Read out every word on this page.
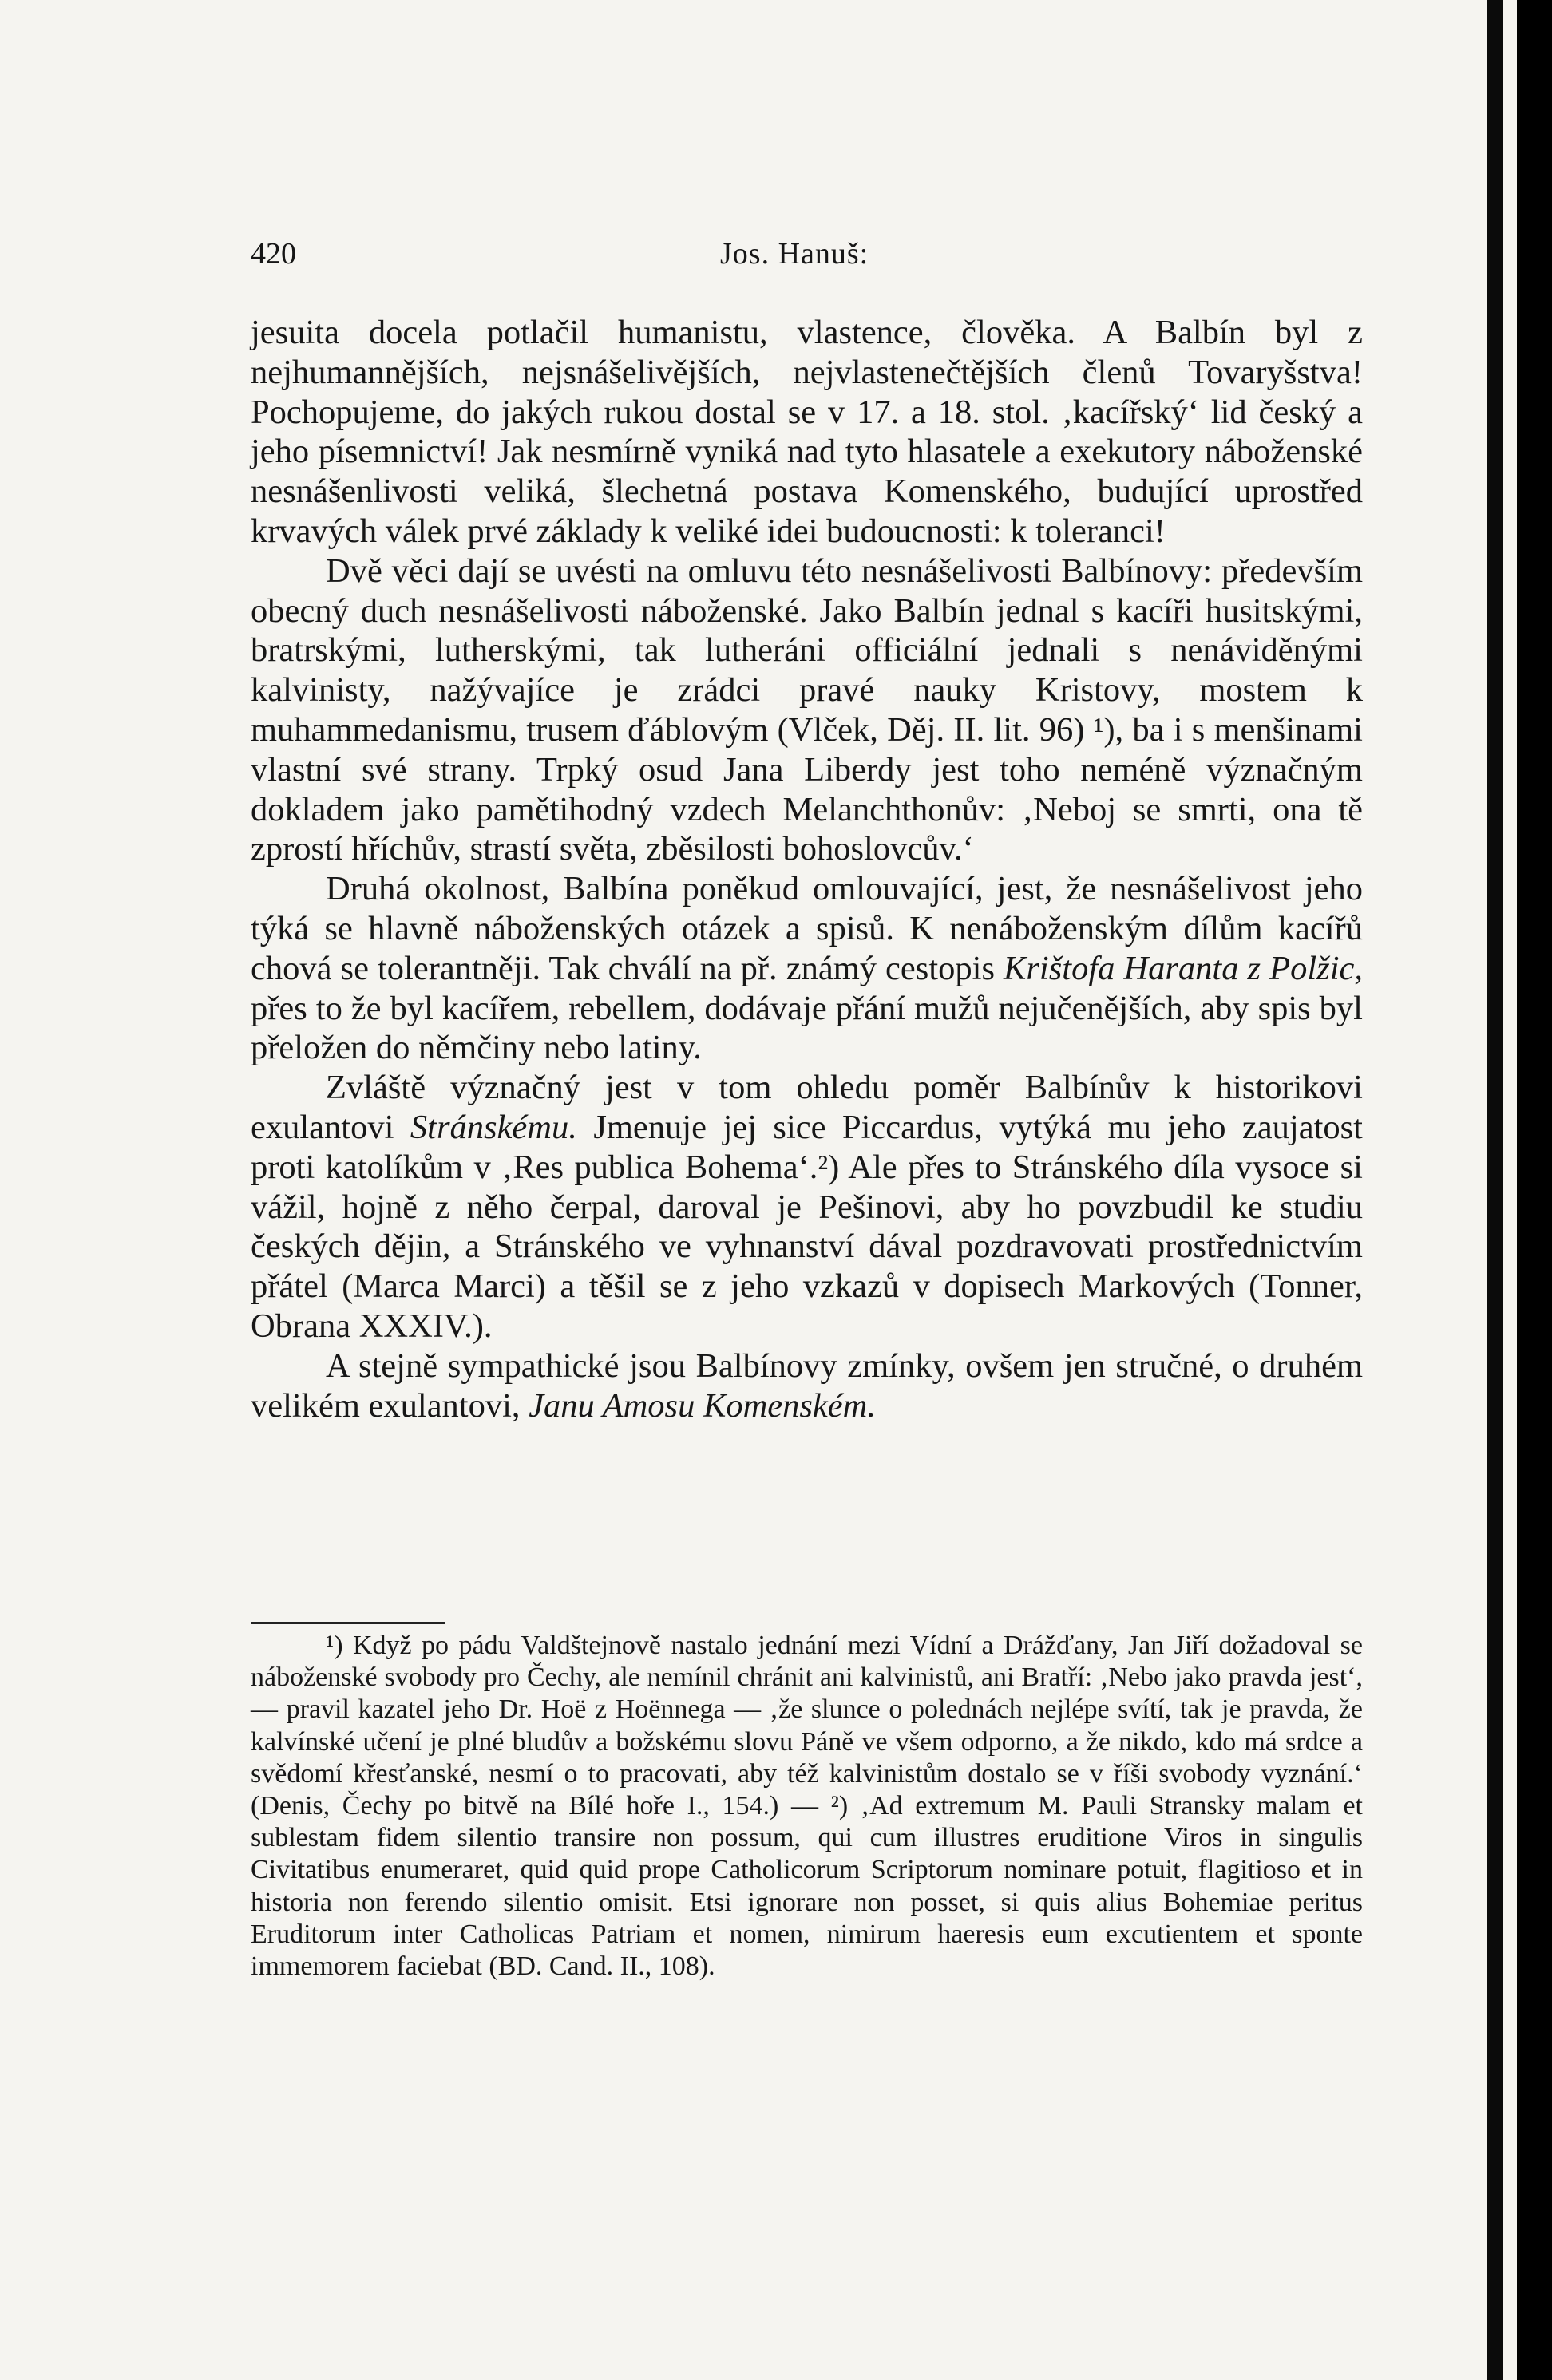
420	Jos. Hanuš:

jesuita docela potlačil humanistu, vlastence, člověka. A Balbín byl z nejhumannějších, nejsnášelivějších, nejvlastenečtějších členů Tovaryšstva! Pochopujeme, do jakých rukou dostal se v 17. a 18. stol. ‚kacířský‘ lid český a jeho písemnictví! Jak nesmírně vyniká nad tyto hlasatele a exekutory náboženské nesnášenlivosti veliká, šlechetná postava Komenského, budující uprostřed krvavých válek prvé základy k veliké idei budoucnosti: k toleranci!

Dvě věci dají se uvésti na omluvu této nesnášelivosti Balbínovy: především obecný duch nesnášelivosti náboženské. Jako Balbín jednal s kacíři husitskými, bratrskými, lutherskými, tak lutheráni officiální jednali s nenáviděnými kalvinisty, nažývajíce je zrádci pravé nauky Kristovy, mostem k muhammedanismu, trusem ďáblovým (Vlček, Děj. II. lit. 96) ¹), ba i s menšinami vlastní své strany. Trpký osud Jana Liberdy jest toho neméně význačným dokladem jako pamětihodný vzdech Melanchthonův: ‚Neboj se smrti, ona tě zprostí hříchův, strastí světa, zběsilosti bohoslovcův.‘

Druhá okolnost, Balbína poněkud omlouvající, jest, že nesnášelivost jeho týká se hlavně náboženských otázek a spisů. K nenáboženským dílům kacířů chová se tolerantněji. Tak chválí na př. známý cestopis Krištofa Haranta z Polžic, přes to že byl kacířem, rebellem, dodávaje přání mužů nejučenějších, aby spis byl přeložen do němčiny nebo latiny.

Zvláště význačný jest v tom ohledu poměr Balbínův k historikovi exulantovi Stránskému. Jmenuje jej sice Piccardus, vytýká mu jeho zaujatost proti katolíkům v ‚Res publica Bohema‘.²) Ale přes to Stránského díla vysoce si vážil, hojně z něho čerpal, daroval je Pešinovi, aby ho povzbudil ke studiu českých dějin, a Stránského ve vyhnanství dával pozdravovati prostřednictvím přátel (Marca Marci) a těšil se z jeho vzkazů v dopisech Markových (Tonner, Obrana XXXIV.).

A stejně sympathické jsou Balbínovy zmínky, ovšem jen stručné, o druhém velikém exulantovi, Janu Amosu Komenském.

¹) Když po pádu Valdštejnově nastalo jednání mezi Vídní a Drážďany, Jan Jiří dožadoval se náboženské svobody pro Čechy, ale nemínil chránit ani kalvinistů, ani Bratří: ‚Nebo jako pravda jest‘, — pravil kazatel jeho Dr. Hoë z Hoënnega — ‚že slunce o polednách nejlépe svítí, tak je pravda, že kalvínské učení je plné bludův a božskému slovu Páně ve všem odporno, a že nikdo, kdo má srdce a svědomí křesťanské, nesmí o to pracovati, aby též kalvinistům dostalo se v říši svobody vyznání.‘ (Denis, Čechy po bitvě na Bílé hoře I., 154.) — ²) ‚Ad extremum M. Pauli Stransky malam et sublestam fidem silentio transire non possum, qui cum illustres eruditione Viros in singulis Civitatibus enumeraret, quid quid prope Catholicorum Scriptorum nominare potuit, flagitioso et in historia non ferendo silentio omisit. Etsi ignorare non posset, si quis alius Bohemiae peritus Eruditorum inter Catholicas Patriam et nomen, nimirum haeresis eum excutientem et sponte immemorem faciebat (BD. Cand. II., 108).
